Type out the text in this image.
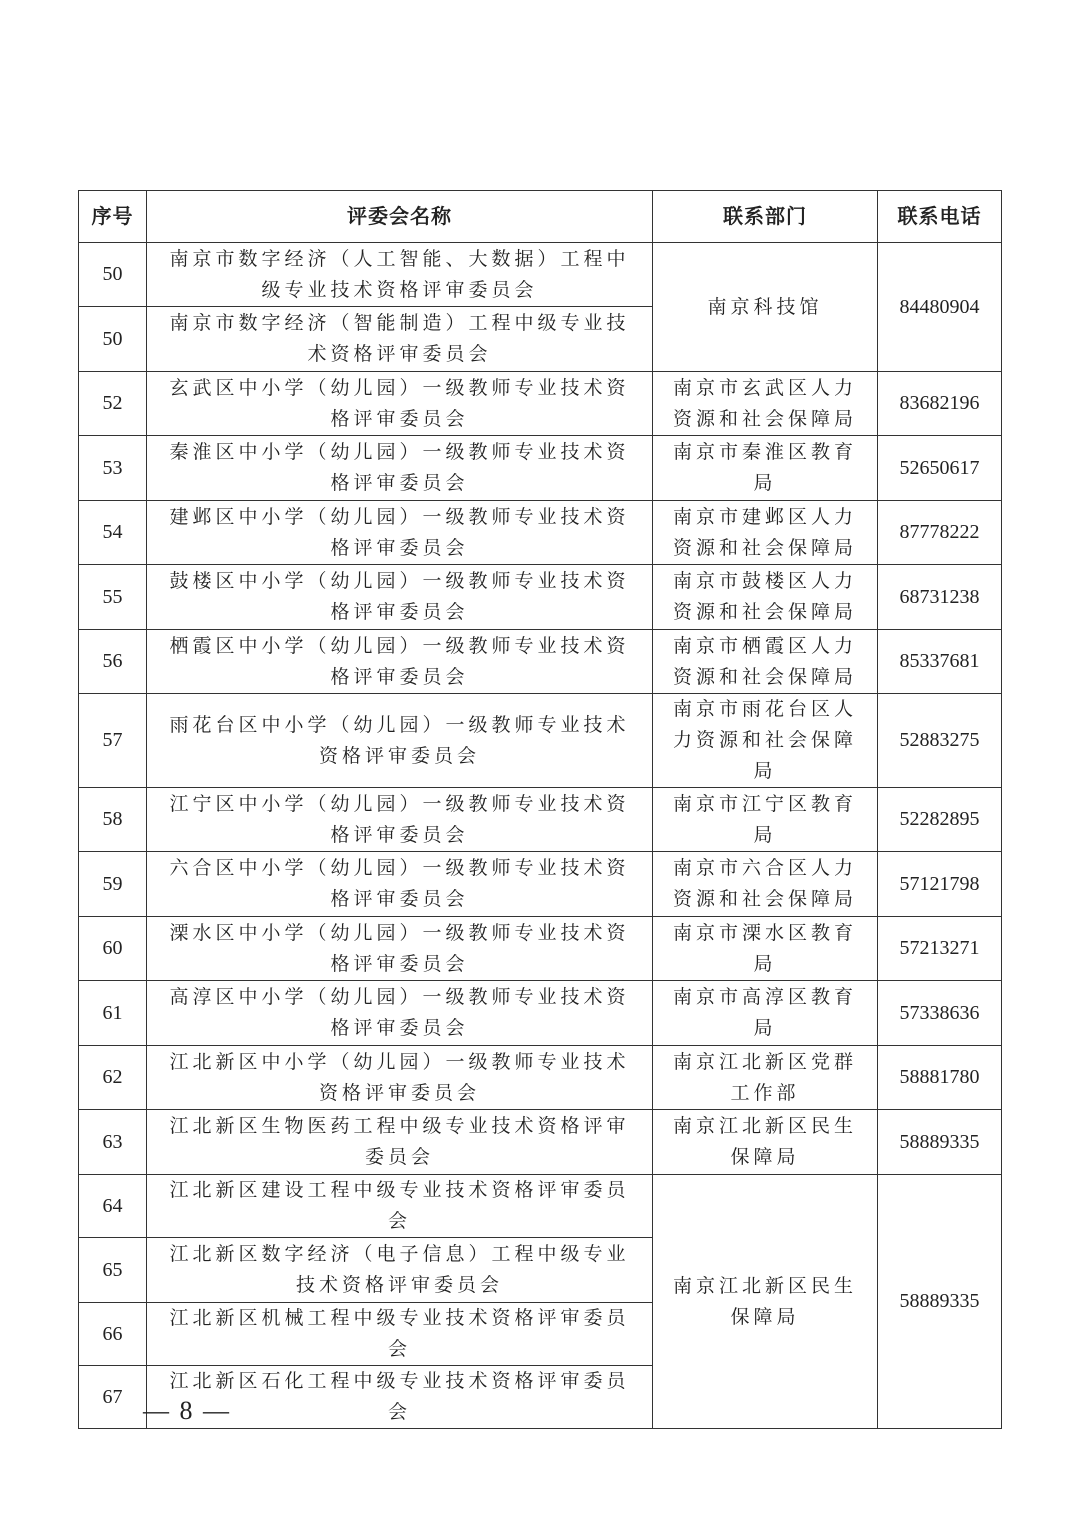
序号	评委会名称	联系部门	联系电话
50	南京市数字经济（人工智能、大数据）工程中级专业技术资格评审委员会	南京科技馆	84480904
50	南京市数字经济（智能制造）工程中级专业技术资格评审委员会		
52	玄武区中小学（幼儿园）一级教师专业技术资格评审委员会	南京市玄武区人力资源和社会保障局	83682196
53	秦淮区中小学（幼儿园）一级教师专业技术资格评审委员会	南京市秦淮区教育局	52650617
54	建邺区中小学（幼儿园）一级教师专业技术资格评审委员会	南京市建邺区人力资源和社会保障局	87778222
55	鼓楼区中小学（幼儿园）一级教师专业技术资格评审委员会	南京市鼓楼区人力资源和社会保障局	68731238
56	栖霞区中小学（幼儿园）一级教师专业技术资格评审委员会	南京市栖霞区人力资源和社会保障局	85337681
57	雨花台区中小学（幼儿园）一级教师专业技术资格评审委员会	南京市雨花台区人力资源和社会保障局	52883275
58	江宁区中小学（幼儿园）一级教师专业技术资格评审委员会	南京市江宁区教育局	52282895
59	六合区中小学（幼儿园）一级教师专业技术资格评审委员会	南京市六合区人力资源和社会保障局	57121798
60	溧水区中小学（幼儿园）一级教师专业技术资格评审委员会	南京市溧水区教育局	57213271
61	高淳区中小学（幼儿园）一级教师专业技术资格评审委员会	南京市高淳区教育局	57338636
62	江北新区中小学（幼儿园）一级教师专业技术资格评审委员会	南京江北新区党群工作部	58881780
63	江北新区生物医药工程中级专业技术资格评审委员会	南京江北新区民生保障局	58889335
64	江北新区建设工程中级专业技术资格评审委员会	南京江北新区民生保障局	58889335
65	江北新区数字经济（电子信息）工程中级专业技术资格评审委员会		
66	江北新区机械工程中级专业技术资格评审委员会		
67	江北新区石化工程中级专业技术资格评审委员会		
— 8 —
